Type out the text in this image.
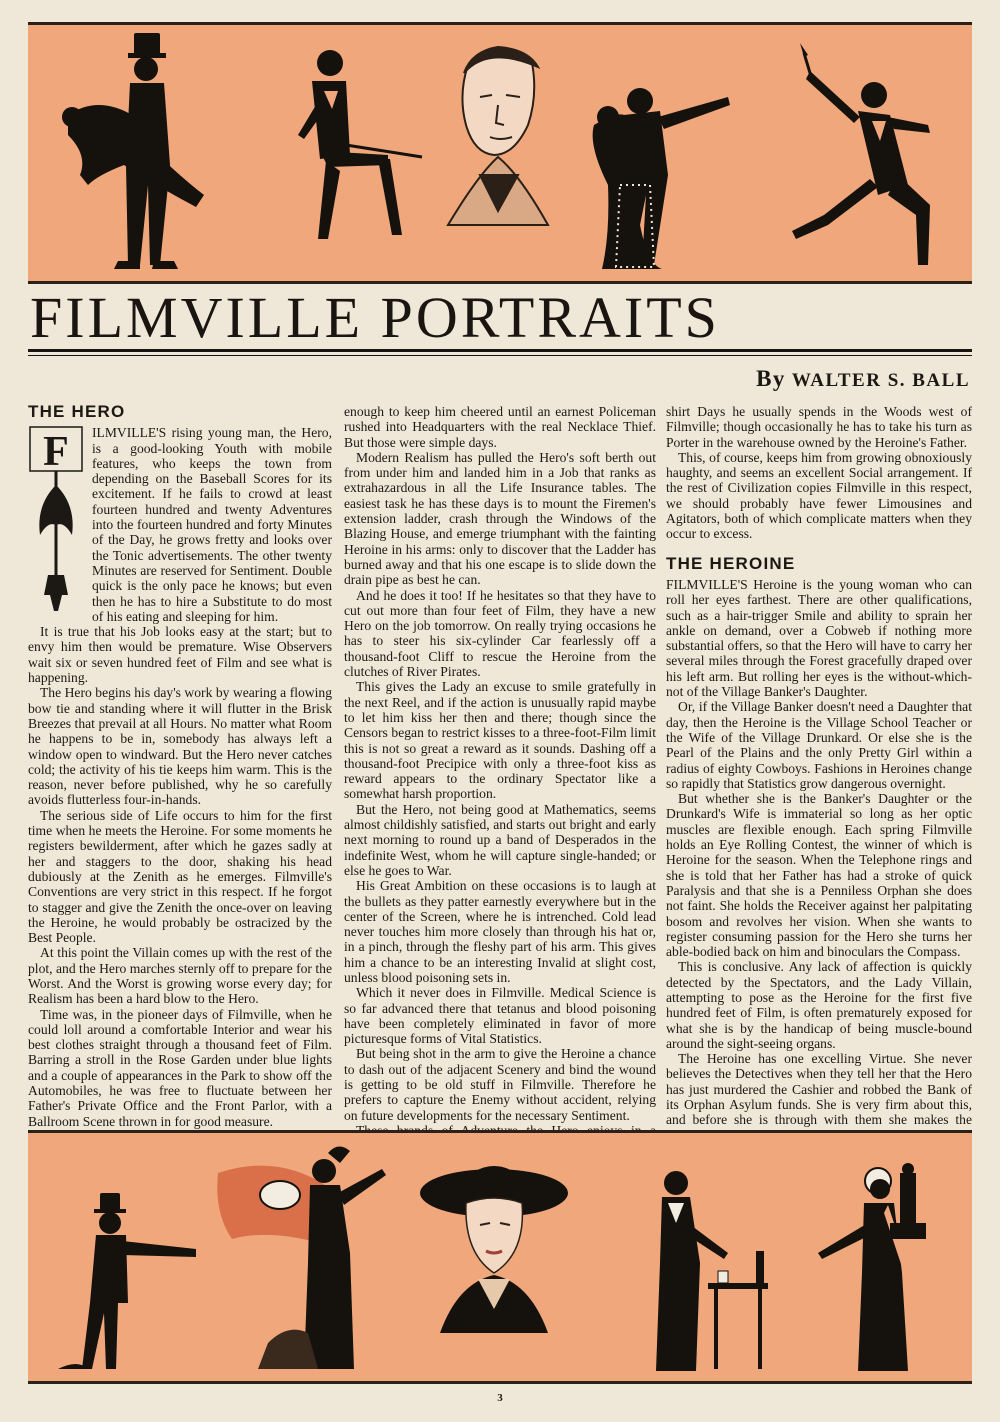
FILMVILLE PORTRAITS

By WALTER S. BALL

THE HERO
F	ILMVILLE'S rising young man, the Hero, is a good-looking Youth with mobile features, who keeps the town from depending on the Baseball Scores for its excitement. If he fails to crowd at least fourteen hundred and twenty Adventures into the fourteen hundred and forty Minutes of the Day, he grows fretty and looks over the Tonic advertisements. The other twenty Minutes are reserved for Sentiment. Double quick is the only pace he knows; but even then he has to hire a Substitute to do most of his eating and sleeping for him.

It is true that his Job looks easy at the start; but to envy him then would be premature. Wise Observers wait six or seven hundred feet of Film and see what is happening.

The Hero begins his day's work by wearing a flowing bow tie and standing where it will flutter in the Brisk Breezes that prevail at all Hours. No matter what Room he happens to be in, somebody has always left a window open to windward. But the Hero never catches cold; the activity of his tie keeps him warm. This is the reason, never before published, why he so carefully avoids flutterless four-in-hands.

The serious side of Life occurs to him for the first time when he meets the Heroine. For some moments he registers bewilderment, after which he gazes sadly at her and staggers to the door, shaking his head dubiously at the Zenith as he emerges. Filmville's Conventions are very strict in this respect. If he forgot to stagger and give the Zenith the once-over on leaving the Heroine, he would probably be ostracized by the Best People.

At this point the Villain comes up with the rest of the plot, and the Hero marches sternly off to prepare for the Worst. And the Worst is growing worse every day; for Realism has been a hard blow to the Hero.

Time was, in the pioneer days of Filmville, when he could loll around a comfortable Interior and wear his best clothes straight through a thousand feet of Film. Barring a stroll in the Rose Garden under blue lights and a couple of appearances in the Park to show off the Automobiles, he was free to fluctuate between her Father's Private Office and the Front Parlor, with a Ballroom Scene thrown in for good measure.

enough to keep him cheered until an earnest Policeman rushed into Headquarters with the real Necklace Thief. But those were simple days.

Modern Realism has pulled the Hero's soft berth out from under him and landed him in a Job that ranks as extrahazardous in all the Life Insurance tables. The easiest task he has these days is to mount the Firemen's extension ladder, crash through the Windows of the Blazing House, and emerge triumphant with the fainting Heroine in his arms: only to discover that the Ladder has burned away and that his one escape is to slide down the drain pipe as best he can.

And he does it too! If he hesitates so that they have to cut out more than four feet of Film, they have a new Hero on the job tomorrow. On really trying occasions he has to steer his six-cylinder Car fearlessly off a thousand-foot Cliff to rescue the Heroine from the clutches of River Pirates.

This gives the Lady an excuse to smile gratefully in the next Reel, and if the action is unusually rapid maybe to let him kiss her then and there; though since the Censors began to restrict kisses to a three-foot-Film limit this is not so great a reward as it sounds. Dashing off a thousand-foot Precipice with only a three-foot kiss as reward appears to the ordinary Spectator like a somewhat harsh proportion.

But the Hero, not being good at Mathematics, seems almost childishly satisfied, and starts out bright and early next morning to round up a band of Desperados in the indefinite West, whom he will capture single-handed; or else he goes to War.

His Great Ambition on these occasions is to laugh at the bullets as they patter earnestly everywhere but in the center of the Screen, where he is intrenched. Cold lead never touches him more closely than through his hat or, in a pinch, through the fleshy part of his arm. This gives him a chance to be an interesting Invalid at slight cost, unless blood poisoning sets in.

Which it never does in Filmville. Medical Science is so far advanced there that tetanus and blood poisoning have been completely eliminated in favor of more picturesque forms of Vital Statistics.

But being shot in the arm to give the Heroine a chance to dash out of the adjacent Scenery and bind the wound is getting to be old stuff in Filmville. Therefore he prefers to capture the Enemy without accident, relying on future developments for the necessary Sentiment.

shirt Days he usually spends in the Woods west of Filmville; though occasionally he has to take his turn as Porter in the warehouse owned by the Heroine's Father.

This, of course, keeps him from growing obnoxiously haughty, and seems an excellent Social arrangement. If the rest of Civilization copies Filmville in this respect, we should probably have fewer Limousines and Agitators, both of which complicate matters when they occur to excess.

THE HEROINE

FILMVILLE'S Heroine is the young woman who can roll her eyes farthest. There are other qualifications, such as a hair-trigger Smile and ability to sprain her ankle on demand, over a Cobweb if nothing more substantial offers, so that the Hero will have to carry her several miles through the Forest gracefully draped over his left arm. But rolling her eyes is the without-which-not of the Village Banker's Daughter.

Or, if the Village Banker doesn't need a Daughter that day, then the Heroine is the Village School Teacher or the Wife of the Village Drunkard. Or else she is the Pearl of the Plains and the only Pretty Girl within a radius of eighty Cowboys. Fashions in Heroines change so rapidly that Statistics grow dangerous overnight.

But whether she is the Banker's Daughter or the Drunkard's Wife is immaterial so long as her optic muscles are flexible enough. Each spring Filmville holds an Eye Rolling Contest, the winner of which is Heroine for the season. When the Telephone rings and she is told that her Father has had a stroke of quick Paralysis and that she is a Penniless Orphan she does not faint. She holds the Receiver against her palpitating bosom and revolves her vision. When she wants to register consuming passion for the Hero she turns her able-bodied back on him and binoculars the Compass.

This is conclusive. Any lack of affection is quickly detected by the Spectators, and the Lady Villain, attempting to pose as the Heroine for the first five hundred feet of Film, is often prematurely exposed for what she is by the handicap of being muscle-bound around the sight-seeing organs.

The Heroine has one excelling Virtue. She never believes the Detectives when they tell her that the Hero has just murdered the Cashier and robbed the Bank of its Orphan Asylum funds. She is very firm about this, and before she is through with them she makes the

3
